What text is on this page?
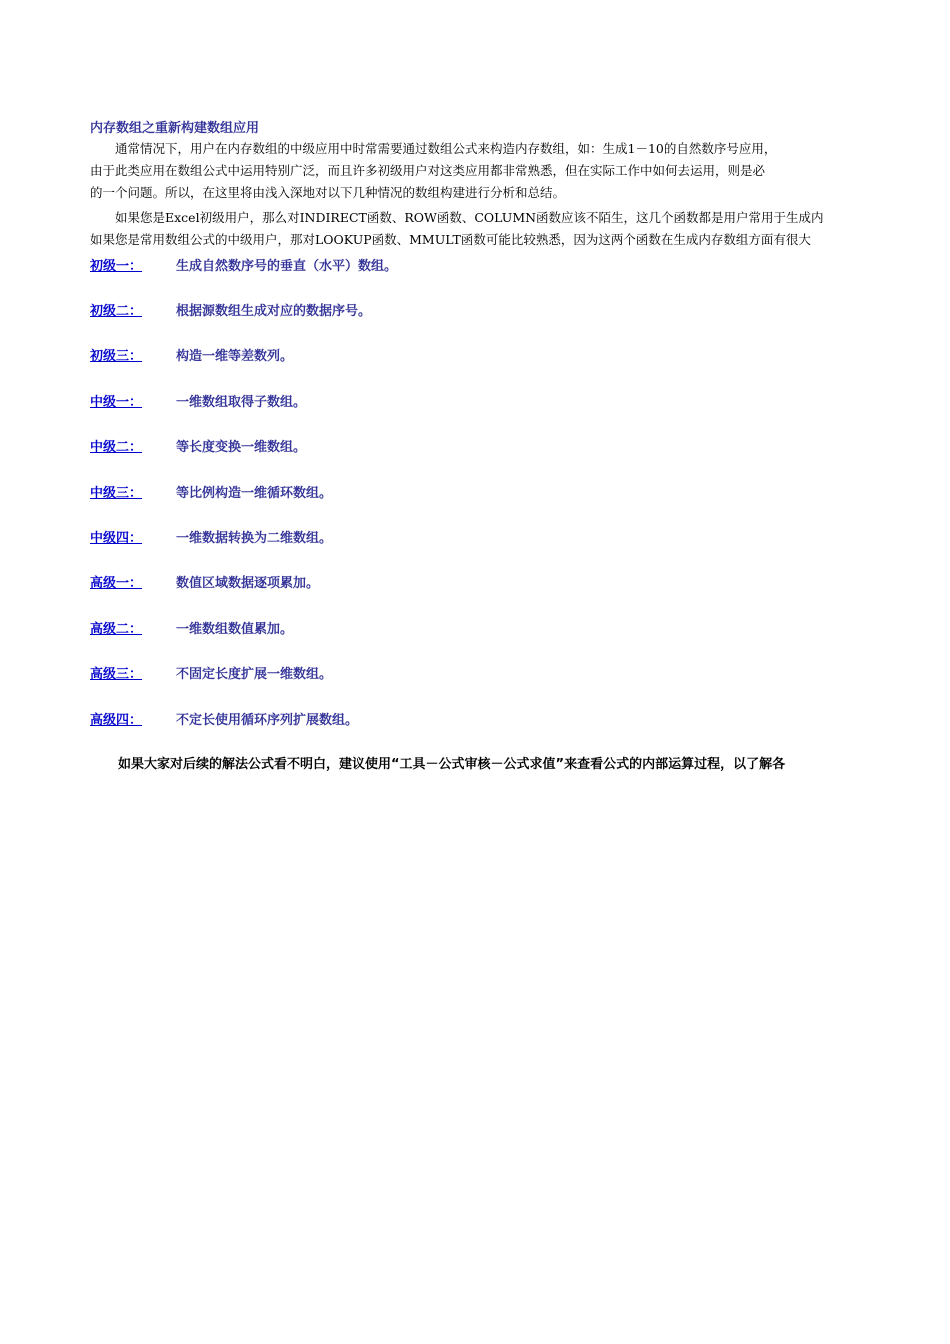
内存数组之重新构建数组应用
　　通常情况下，用户在内存数组的中级应用中时常需要通过数组公式来构造内存数组，如：生成1－10的自然数序号应用，
由于此类应用在数组公式中运用特别广泛，而且许多初级用户对这类应用都非常熟悉，但在实际工作中如何去运用，则是必
的一个问题。所以，在这里将由浅入深地对以下几种情况的数组构建进行分析和总结。
　　如果您是Excel初级用户，那么对INDIRECT函数、ROW函数、COLUMN函数应该不陌生，这几个函数都是用户常用于生成内
如果您是常用数组公式的中级用户，那对LOOKUP函数、MMULT函数可能比较熟悉，因为这两个函数在生成内存数组方面有很大
初级一：	生成自然数序号的垂直（水平）数组。
初级二：	根据源数组生成对应的数据序号。
初级三：	构造一维等差数列。
中级一：	一维数组取得子数组。
中级二：	等长度变换一维数组。
中级三：	等比例构造一维循环数组。
中级四：	一维数据转换为二维数组。
高级一：	数值区域数据逐项累加。
高级二：	一维数组数值累加。
高级三：	不固定长度扩展一维数组。
高级四：	不定长使用循环序列扩展数组。
如果大家对后续的解法公式看不明白，建议使用“工具－公式审核－公式求值”来查看公式的内部运算过程，以了解各
